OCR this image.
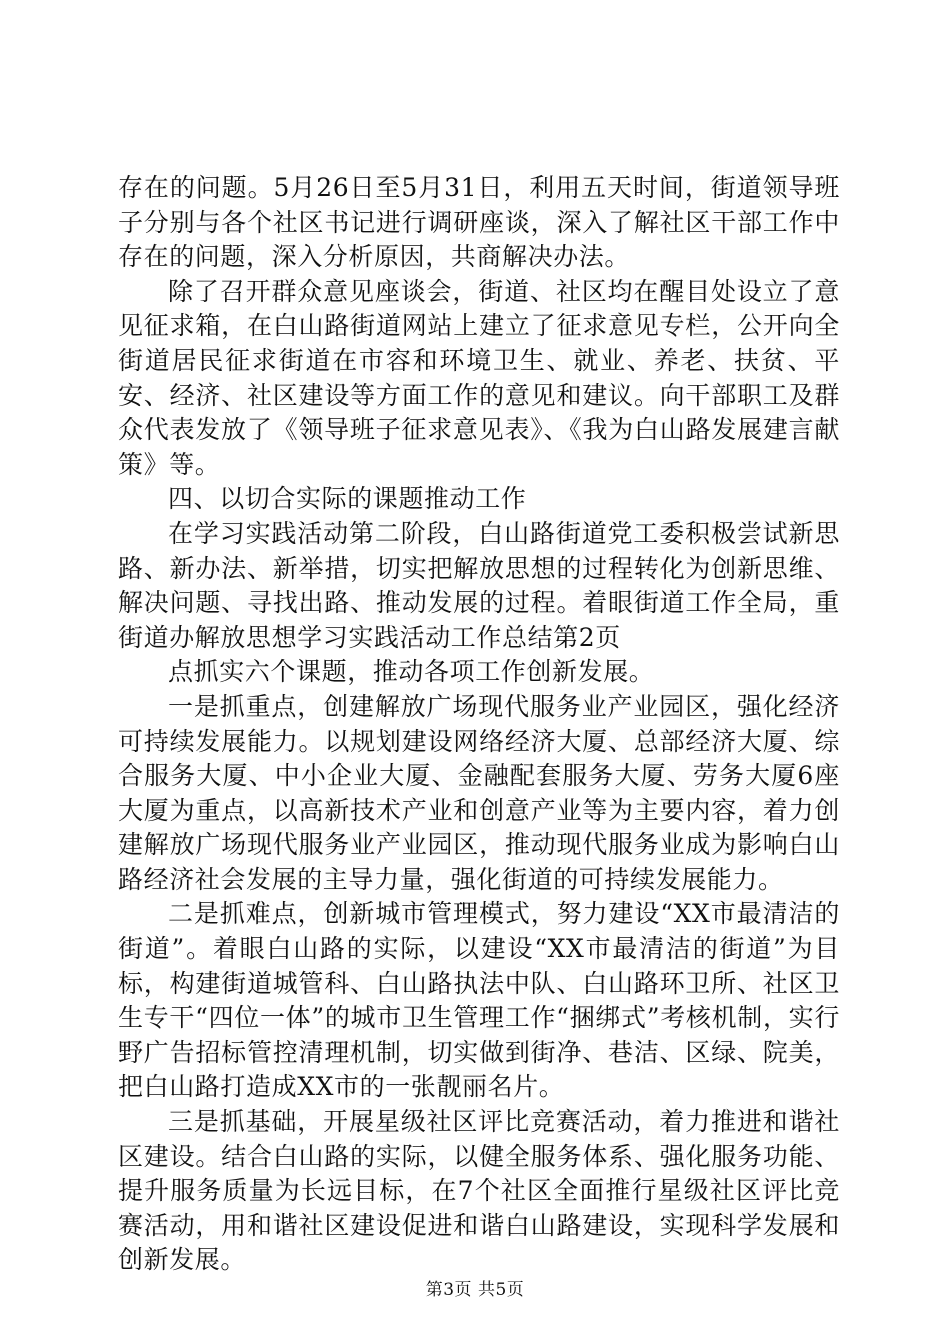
存在的问题。5月26日至5月31日，利用五天时间，街道领导班子分别与各个社区书记进行调研座谈，深入了解社区干部工作中存在的问题，深入分析原因，共商解决办法。

除了召开群众意见座谈会，街道、社区均在醒目处设立了意见征求箱，在白山路街道网站上建立了征求意见专栏，公开向全街道居民征求街道在市容和环境卫生、就业、养老、扶贫、平安、经济、社区建设等方面工作的意见和建议。向干部职工及群众代表发放了《领导班子征求意见表》、《我为白山路发展建言献策》等。

四、以切合实际的课题推动工作

在学习实践活动第二阶段，白山路街道党工委积极尝试新思路、新办法、新举措，切实把解放思想的过程转化为创新思维、解决问题、寻找出路、推动发展的过程。着眼街道工作全局，重街道办解放思想学习实践活动工作总结第2页

点抓实六个课题，推动各项工作创新发展。

一是抓重点，创建解放广场现代服务业产业园区，强化经济可持续发展能力。以规划建设网络经济大厦、总部经济大厦、综合服务大厦、中小企业大厦、金融配套服务大厦、劳务大厦6座大厦为重点，以高新技术产业和创意产业等为主要内容，着力创建解放广场现代服务业产业园区，推动现代服务业成为影响白山路经济社会发展的主导力量，强化街道的可持续发展能力。

二是抓难点，创新城市管理模式，努力建设“XX市最清洁的街道”。着眼白山路的实际，以建设“XX市最清洁的街道”为目标，构建街道城管科、白山路执法中队、白山路环卫所、社区卫生专干“四位一体”的城市卫生管理工作“捆绑式”考核机制，实行野广告招标管控清理机制，切实做到街净、巷洁、区绿、院美，把白山路打造成XX市的一张靓丽名片。

三是抓基础，开展星级社区评比竞赛活动，着力推进和谐社区建设。结合白山路的实际，以健全服务体系、强化服务功能、提升服务质量为长远目标，在7个社区全面推行星级社区评比竞赛活动，用和谐社区建设促进和谐白山路建设，实现科学发展和创新发展。

第3页 共5页
